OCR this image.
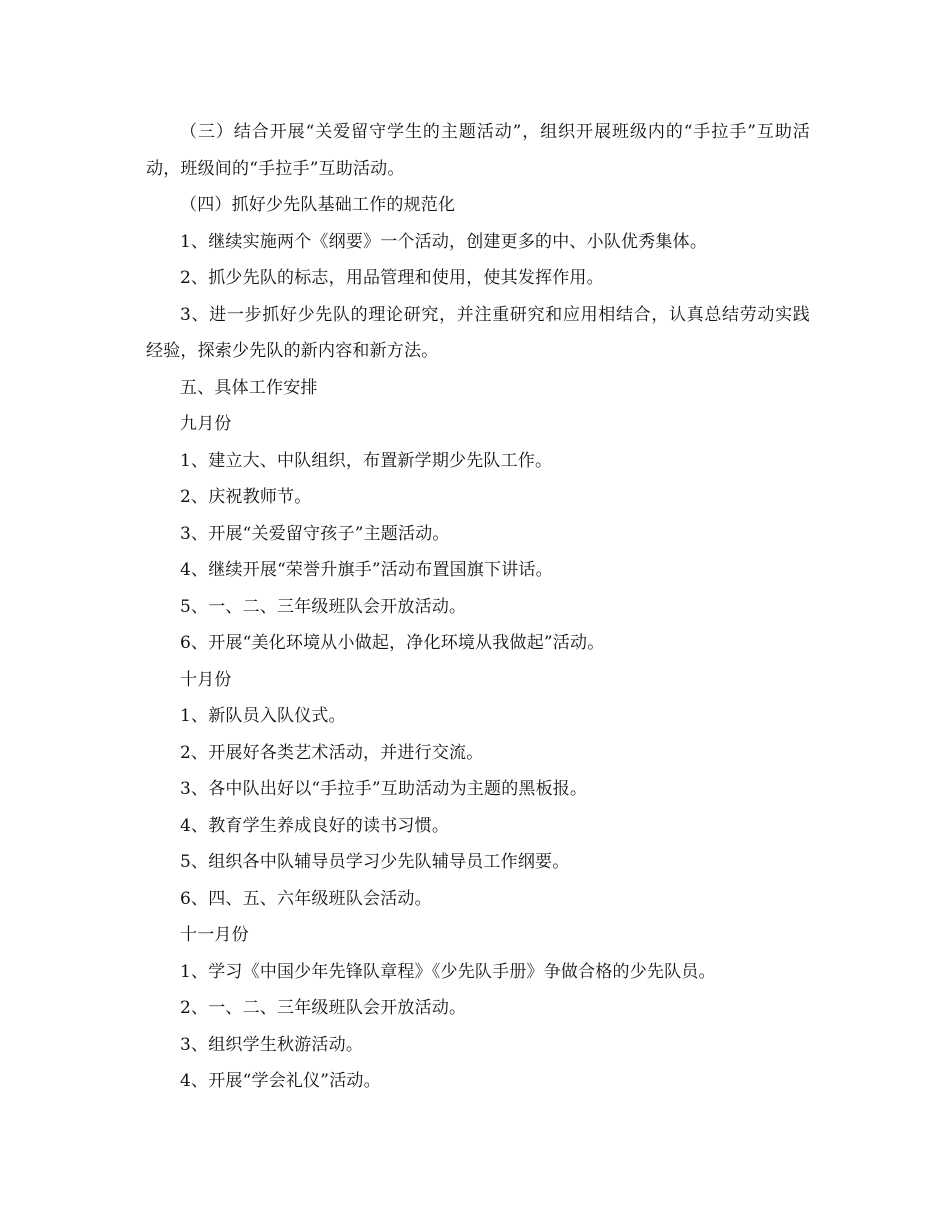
（三）结合开展“关爱留守学生的主题活动”，组织开展班级内的“手拉手”互助活动，班级间的“手拉手”互助活动。

（四）抓好少先队基础工作的规范化

1、继续实施两个《纲要》一个活动，创建更多的中、小队优秀集体。

2、抓少先队的标志，用品管理和使用，使其发挥作用。

3、进一步抓好少先队的理论研究，并注重研究和应用相结合，认真总结劳动实践经验，探索少先队的新内容和新方法。

五、具体工作安排

九月份

1、建立大、中队组织，布置新学期少先队工作。

2、庆祝教师节。

3、开展“关爱留守孩子”主题活动。

4、继续开展“荣誉升旗手”活动布置国旗下讲话。

5、一、二、三年级班队会开放活动。

6、开展“美化环境从小做起，净化环境从我做起”活动。

十月份

1、新队员入队仪式。

2、开展好各类艺术活动，并进行交流。

3、各中队出好以“手拉手”互助活动为主题的黑板报。

4、教育学生养成良好的读书习惯。

5、组织各中队辅导员学习少先队辅导员工作纲要。

6、四、五、六年级班队会活动。

十一月份

1、学习《中国少年先锋队章程》《少先队手册》争做合格的少先队员。

2、一、二、三年级班队会开放活动。

3、组织学生秋游活动。

4、开展“学会礼仪”活动。
